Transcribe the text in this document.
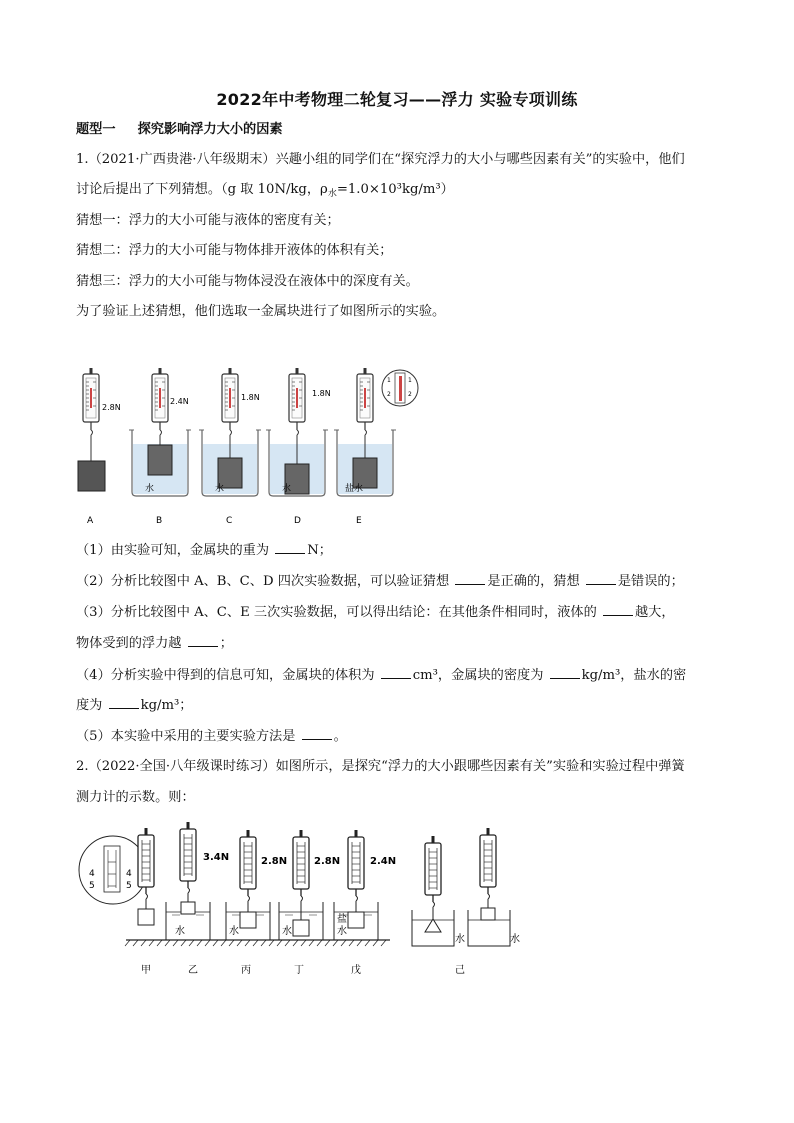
2022年中考物理二轮复习——浮力 实验专项训练
题型一 探究影响浮力大小的因素
1.（2021·广西贵港·八年级期末）兴趣小组的同学们在“探究浮力的大小与哪些因素有关”的实验中，他们
讨论后提出了下列猜想。（g 取 10N/kg，$\rho_水=1.0\times 10^3kg/m^3$）
猜想一：浮力的大小可能与液体的密度有关；
猜想二：浮力的大小可能与物体排开液体的体积有关；
猜想三：浮力的大小可能与物体浸没在液体中的深度有关。
为了验证上述猜想，他们选取一金属块进行了如图所示的实验。
2.8N
2.4N
水
1.8N
水
1.8N
水
1
2
1
2
盐水
A	B	C	D	E
（1）由实验可知，金属块的重为	N；
（2）分析比较图中 A、B、C、D 四次实验数据，可以验证猜想	是正确的，猜想	是错误的；
（3）分析比较图中 A、C、E 三次实验数据，可以得出结论：在其他条件相同时，液体的	越大，
物体受到的浮力越	；
（4）分析实验中得到的信息可知，金属块的体积为	cm³，金属块的密度为	kg/m³，盐水的密
度为	kg/m³；
（5）本实验中采用的主要实验方法是	。
2.（2022·全国·八年级课时练习）如图所示，是探究“浮力的大小跟哪些因素有关”实验和实验过程中弹簧
测力计的示数。则：
4
5
4
5
3.4N
水
2.8N
水
2.8N
水
2.4N
盐
水
水	水
甲	乙	丙	丁	戊	己
